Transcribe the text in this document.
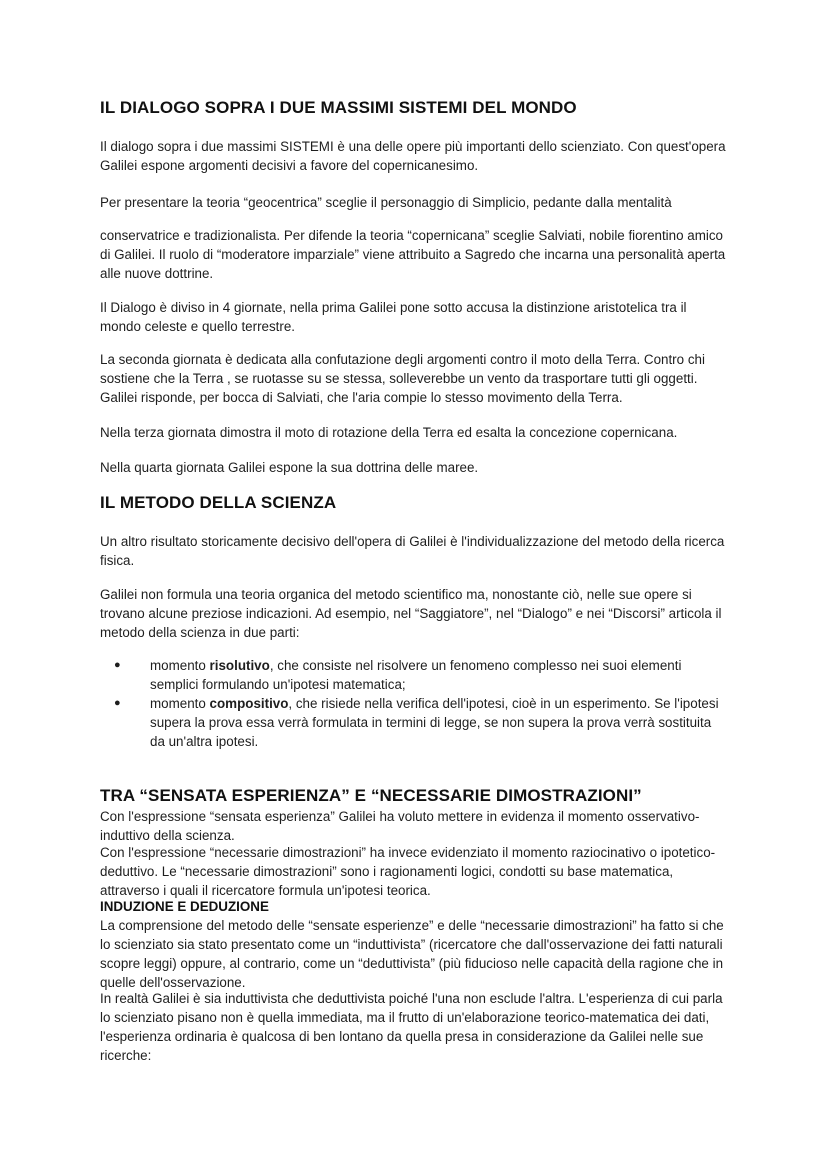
IL DIALOGO SOPRA I DUE MASSIMI SISTEMI DEL MONDO
Il dialogo sopra i due massimi SISTEMI è una delle opere più importanti dello scienziato. Con quest'opera Galilei espone argomenti decisivi a favore del copernicanesimo.
Per presentare la teoria “geocentrica” sceglie il personaggio di Simplicio, pedante dalla mentalità
conservatrice e tradizionalista. Per difende la teoria “copernicana” sceglie Salviati, nobile fiorentino amico di Galilei. Il ruolo di “moderatore imparziale” viene attribuito a Sagredo che incarna una personalità aperta alle nuove dottrine.
Il Dialogo è diviso in 4 giornate, nella prima Galilei pone sotto accusa la distinzione aristotelica tra il mondo celeste e quello terrestre.
La seconda giornata è dedicata alla confutazione degli argomenti contro il moto della Terra. Contro chi sostiene che la Terra , se ruotasse su se stessa, solleverebbe un vento da trasportare tutti gli oggetti. Galilei risponde, per bocca di Salviati, che l'aria compie lo stesso movimento della Terra.
Nella terza giornata dimostra il moto di rotazione della Terra ed esalta la concezione copernicana.
Nella quarta giornata Galilei espone la sua dottrina delle maree.
IL METODO DELLA SCIENZA
Un altro risultato storicamente decisivo dell'opera di Galilei è l'individualizzazione del metodo della ricerca fisica.
Galilei non formula una teoria organica del metodo scientifico ma, nonostante ciò, nelle sue opere si trovano alcune preziose indicazioni. Ad esempio, nel “Saggiatore”, nel “Dialogo” e nei “Discorsi” articola il metodo della scienza in due parti:
● momento risolutivo, che consiste nel risolvere un fenomeno complesso nei suoi elementi semplici formulando un'ipotesi matematica;
● momento compositivo, che risiede nella verifica dell'ipotesi, cioè in un esperimento. Se l'ipotesi supera la prova essa verrà formulata in termini di legge, se non supera la prova verrà sostituita da un'altra ipotesi.
TRA “SENSATA ESPERIENZA” E “NECESSARIE DIMOSTRAZIONI”
Con l'espressione “sensata esperienza” Galilei ha voluto mettere in evidenza il momento osservativo-induttivo della scienza.
Con l'espressione “necessarie dimostrazioni” ha invece evidenziato il momento raziocinativo o ipotetico- deduttivo. Le “necessarie dimostrazioni” sono i ragionamenti logici, condotti su base matematica, attraverso i quali il ricercatore formula un'ipotesi teorica.
INDUZIONE E DEDUZIONE
La comprensione del metodo delle “sensate esperienze” e delle “necessarie dimostrazioni” ha fatto si che lo scienziato sia stato presentato come un “induttivista” (ricercatore che dall'osservazione dei fatti naturali scopre leggi) oppure, al contrario, come un “deduttivista” (più fiducioso nelle capacità della ragione che in quelle dell'osservazione.
In realtà Galilei è sia induttivista che deduttivista poiché l'una non esclude l'altra. L'esperienza di cui parla lo scienziato pisano non è quella immediata, ma il frutto di un'elaborazione teorico-matematica dei dati, l'esperienza ordinaria è qualcosa di ben lontano da quella presa in considerazione da Galilei nelle sue ricerche:
